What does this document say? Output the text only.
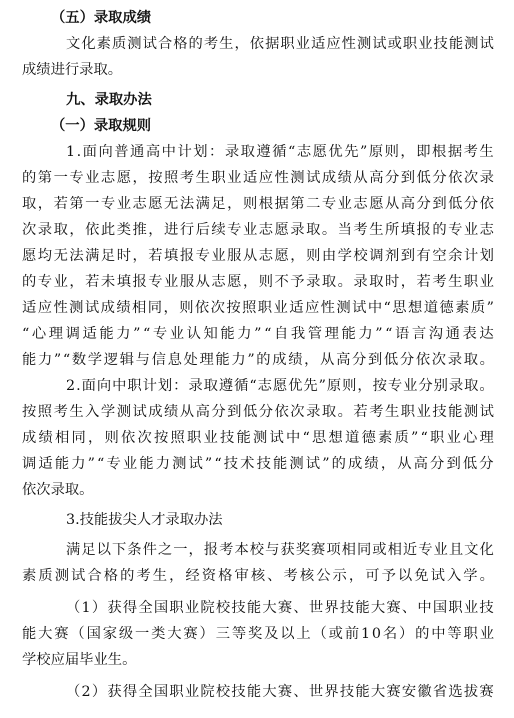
（五）录取成绩
文 化 素 质 测 试 合 格 的 考 生 ， 依 据 职 业 适 应 性 测 试 或 职 业 技 能 测 试
成绩进行录取。
九、录取办法
（一）录取规则
1 . 面 向 普 通 高 中 计 划 ： 录 取 遵 循 “ 志 愿 优 先 ” 原 则 ， 即 根 据 考 生
的 第 一 专 业 志 愿 ， 按 照 考 生 职 业 适 应 性 测 试 成 绩 从 高 分 到 低 分 依 次 录
取 ， 若 第 一 专 业 志 愿 无 法 满 足 ， 则 根 据 第 二 专 业 志 愿 从 高 分 到 低 分 依
次 录 取 ， 依 此 类 推 ， 进 行 后 续 专 业 志 愿 录 取 。 当 考 生 所 填 报 的 专 业 志
愿 均 无 法 满 足 时 ， 若 填 报 专 业 服 从 志 愿 ， 则 由 学 校 调 剂 到 有 空 余 计 划
的 专 业 ， 若 未 填 报 专 业 服 从 志 愿 ， 则 不 予 录 取 。 录 取 时 ， 若 考 生 职 业
适 应 性 测 试 成 绩 相 同 ， 则 依 次 按 照 职 业 适 应 性 测 试 中 “ 思 想 道 德 素 质 ”
“ 心 理 调 适 能 力 ” “ 专 业 认 知 能 力 ” “ 自 我 管 理 能 力 ” “ 语 言 沟 通 表 达
能 力 ” “ 数 学 逻 辑 与 信 息 处 理 能 力 ” 的 成 绩 ， 从 高 分 到 低 分 依 次 录 取 。
2 . 面 向 中 职 计 划 ： 录 取 遵 循 “ 志 愿 优 先 ” 原 则 ， 按 专 业 分 别 录 取 。
按 照 考 生 入 学 测 试 成 绩 从 高 分 到 低 分 依 次 录 取 。 若 考 生 职 业 技 能 测 试
成 绩 相 同 ， 则 依 次 按 照 职 业 技 能 测 试 中 “ 思 想 道 德 素 质 ” “ 职 业 心 理
调 适 能 力 ” “ 专 业 能 力 测 试 ” “ 技 术 技 能 测 试 ” 的 成 绩 ， 从 高 分 到 低 分
依次录取。
3.技能拔尖人才录取办法
满 足 以 下 条 件 之 一 ， 报 考 本 校 与 获 奖 赛 项 相 同 或 相 近 专 业 且 文 化
素 质 测 试 合 格 的 考 生 ， 经 资 格 审 核 、 考 核 公 示 ， 可 予 以 免 试 入 学 。
（ 1 ） 获 得 全 国 职 业 院 校 技 能 大 赛 、 世 界 技 能 大 赛 、 中 国 职 业 技
能 大 赛 （ 国 家 级 一 类 大 赛 ） 三 等 奖 及 以 上 （ 或 前 1 0 名 ） 的 中 等 职 业
学校应届毕业生。
（ 2 ） 获 得 全 国 职 业 院 校 技 能 大 赛 、 世 界 技 能 大 赛 安 徽 省 选 拔 赛
